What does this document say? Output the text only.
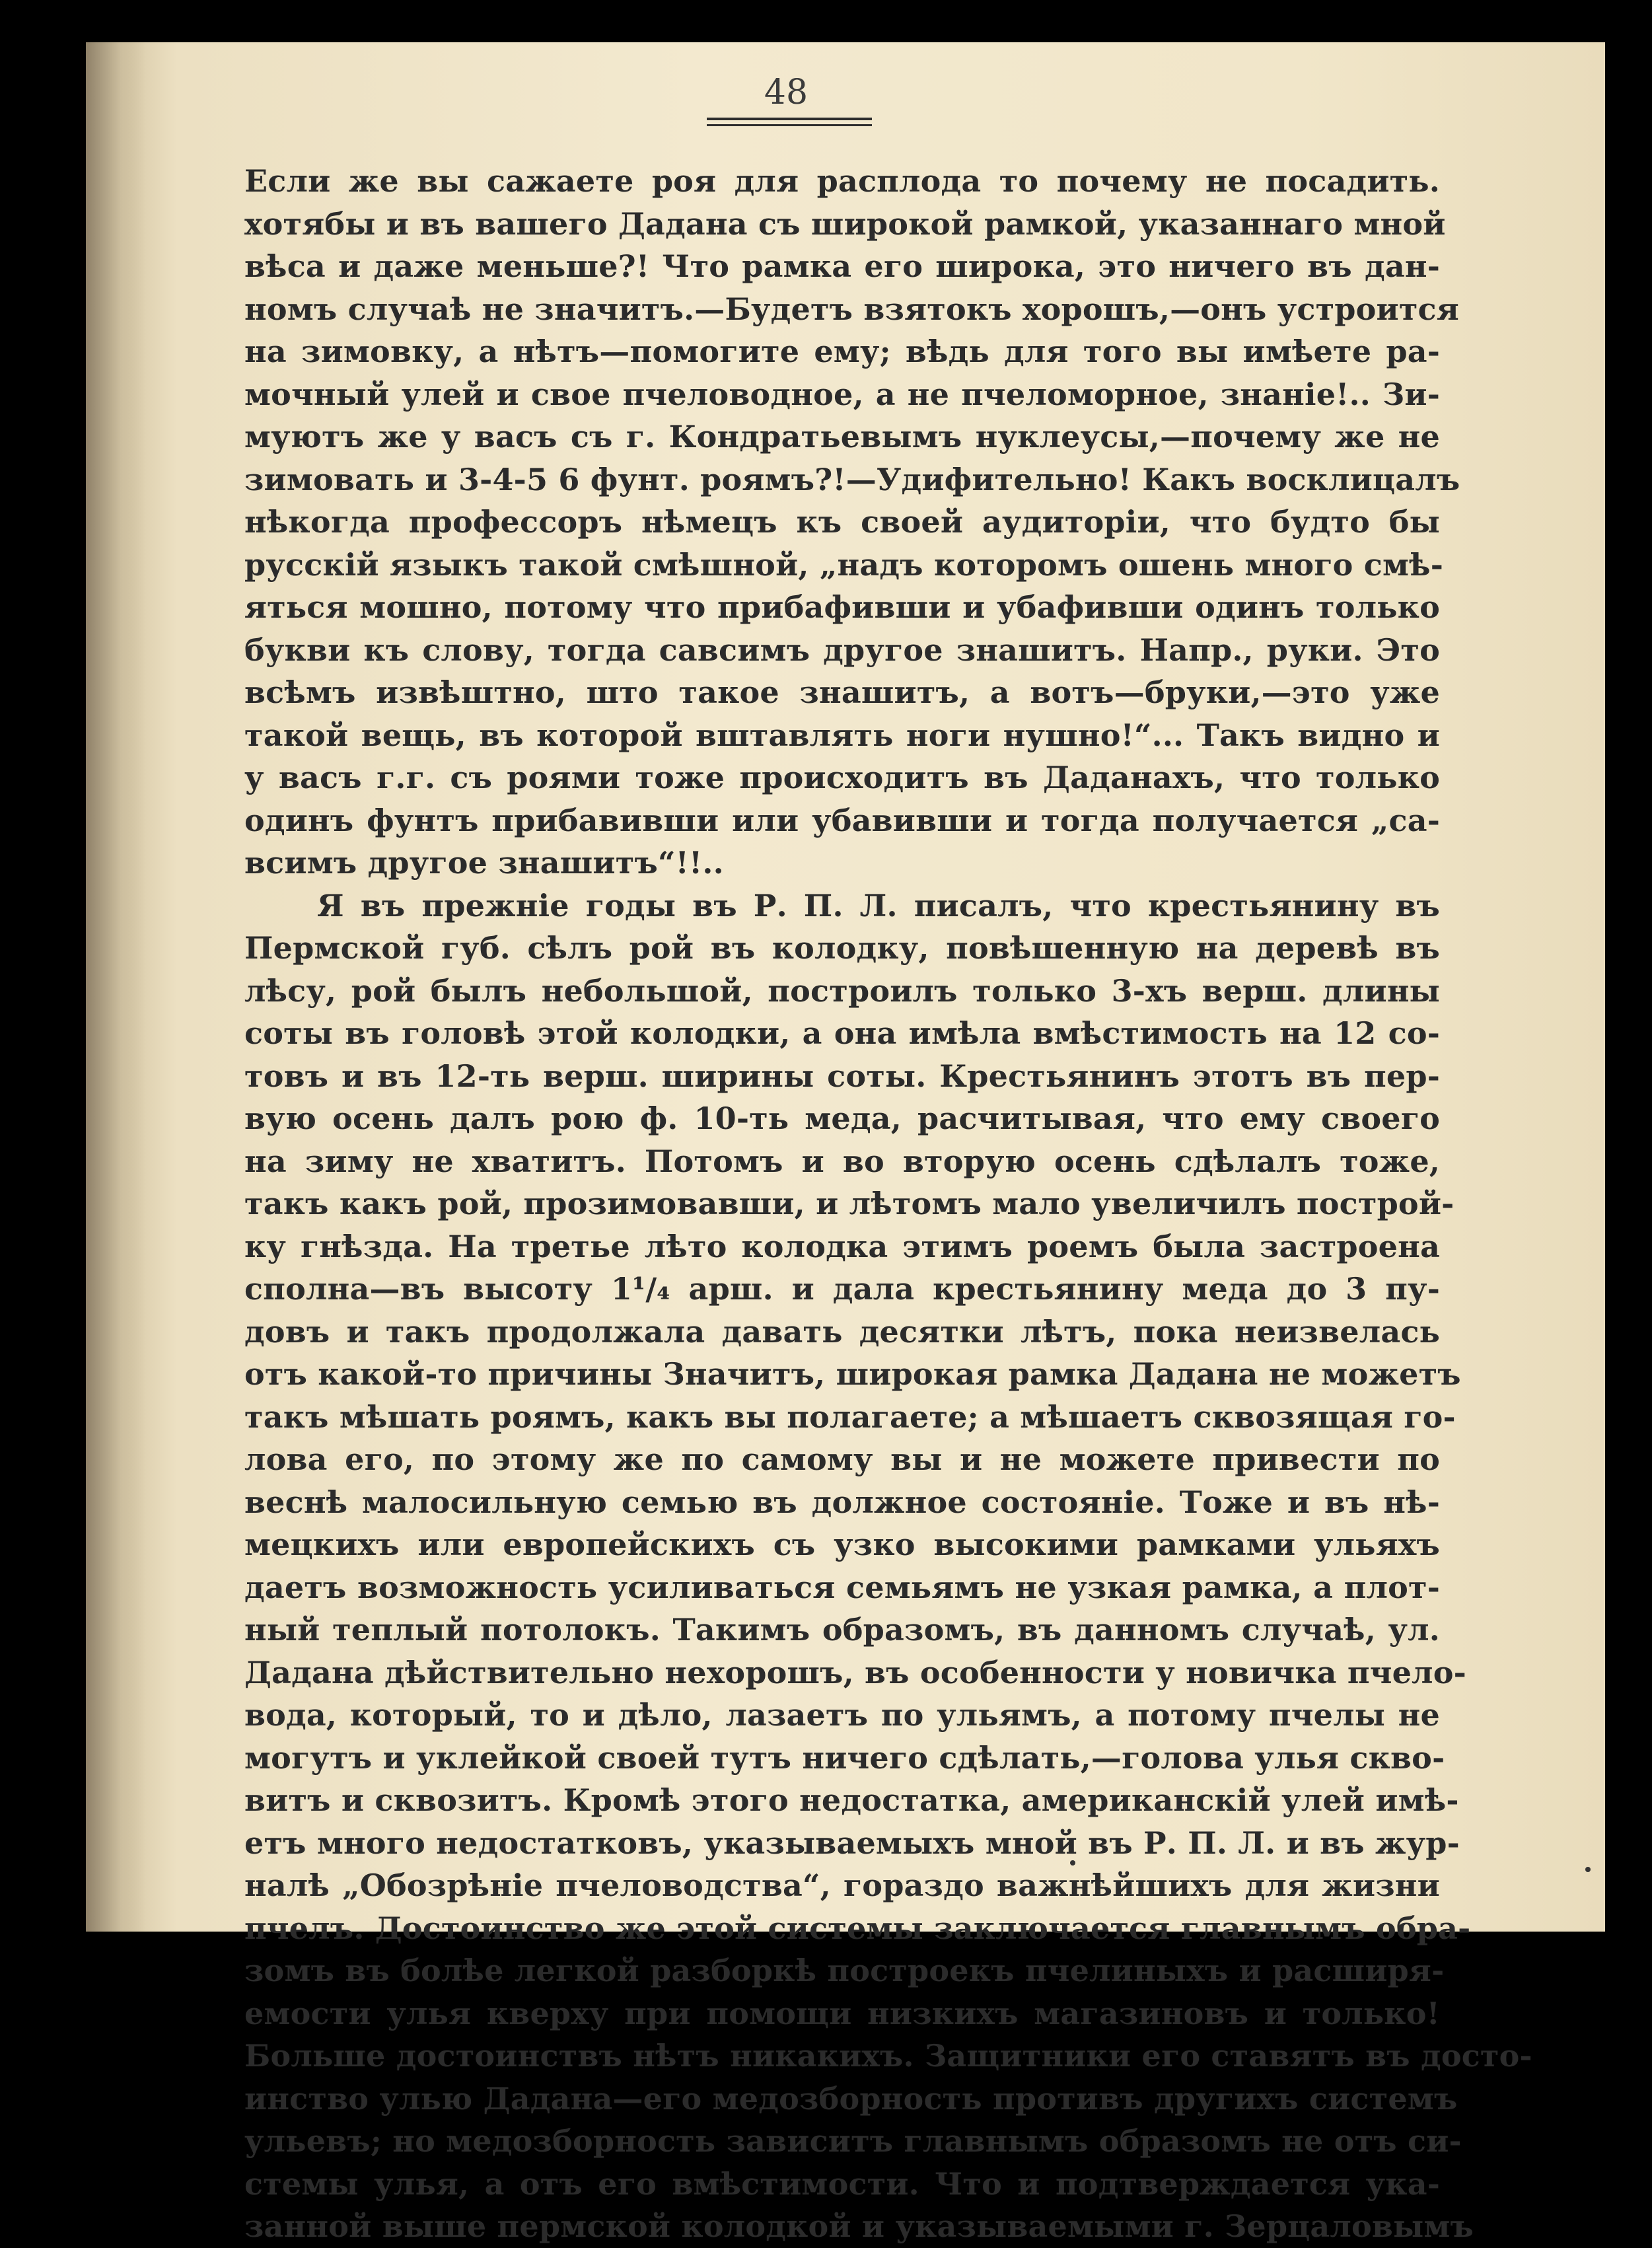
48
Если же вы сажаете роя для расплода то почему не посадить.
хотябы и въ вашего Дадана съ широкой рамкой, указаннаго мной
вѣса и даже меньше?! Что рамка его широка, это ничего въ дан-
номъ случаѣ не значитъ.—Будетъ взятокъ хорошъ,—онъ устроится
на зимовку, а нѣтъ—помогите ему; вѣдь для того вы имѣете ра-
мочный улей и свое пчеловодное, а не пчеломорное, знаніе!.. Зи-
муютъ же у васъ съ г. Кондратьевымъ нуклеусы,—почему же не
зимовать и 3-4-5 6 фунт. роямъ?!—Удифительно! Какъ восклицалъ
нѣкогда профессоръ нѣмецъ къ своей аудиторіи, что будто бы
русскій языкъ такой смѣшной, „надъ которомъ ошень много смѣ-
яться мошно, потому что прибафивши и убафивши одинъ только
букви къ слову, тогда савсимъ другое знашитъ. Напр., руки. Это
всѣмъ извѣштно, што такое знашитъ, а вотъ—бруки,—это уже
такой вещь, въ которой вштавлять ноги нушно!“... Такъ видно и
у васъ г.г. съ роями тоже происходитъ въ Даданахъ, что только
одинъ фунтъ прибавивши или убавивши и тогда получается „са-
всимъ другое знашитъ“!!..
Я въ прежніе годы въ Р. П. Л. писалъ, что крестьянину въ
Пермской губ. сѣлъ рой въ колодку, повѣшенную на деревѣ въ
лѣсу, рой былъ небольшой, построилъ только 3-хъ верш. длины
соты въ головѣ этой колодки, а она имѣла вмѣстимость на 12 со-
товъ и въ 12-ть верш. ширины соты. Крестьянинъ этотъ въ пер-
вую осень далъ рою ф. 10-ть меда, расчитывая, что ему своего
на зиму не хватитъ. Потомъ и во вторую осень сдѣлалъ тоже,
такъ какъ рой, прозимовавши, и лѣтомъ мало увеличилъ построй-
ку гнѣзда. На третье лѣто колодка этимъ роемъ была застроена
сполна—въ высоту 1¹/₄ арш. и дала крестьянину меда до 3 пу-
довъ и такъ продолжала давать десятки лѣтъ, пока неизвелась
отъ какой-то причины Значитъ, широкая рамка Дадана не можетъ
такъ мѣшать роямъ, какъ вы полагаете; а мѣшаетъ сквозящая го-
лова его, по этому же по самому вы и не можете привести по
веснѣ малосильную семью въ должное состояніе. Тоже и въ нѣ-
мецкихъ или европейскихъ съ узко высокими рамками ульяхъ
даетъ возможность усиливаться семьямъ не узкая рамка, а плот-
ный теплый потолокъ. Такимъ образомъ, въ данномъ случаѣ, ул.
Дадана дѣйствительно нехорошъ, въ особенности у новичка пчело-
вода, который, то и дѣло, лазаетъ по ульямъ, а потому пчелы не
могутъ и уклейкой своей тутъ ничего сдѣлать,—голова улья скво-
витъ и сквозитъ. Кромѣ этого недостатка, американскій улей имѣ-
етъ много недостатковъ, указываемыхъ мной въ Р. П. Л. и въ жур-
налѣ „Обозрѣніе пчеловодства“, гораздо важнѣйшихъ для жизни
пчелъ. Достоинство же этой системы заключается главнымъ обра-
зомъ въ болѣе легкой разборкѣ построекъ пчелиныхъ и расширя-
емости улья кверху при помощи низкихъ магазиновъ и только!
Больше достоинствъ нѣтъ никакихъ. Защитники его ставятъ въ досто-
инство улью Дадана—его медозборность противъ другихъ системъ
ульевъ; но медозборность зависитъ главнымъ образомъ не отъ си-
стемы улья, а отъ его вмѣстимости. Что и подтверждается ука-
занной выше пермской колодкой и указываемыми г. Зерцаловымъ
